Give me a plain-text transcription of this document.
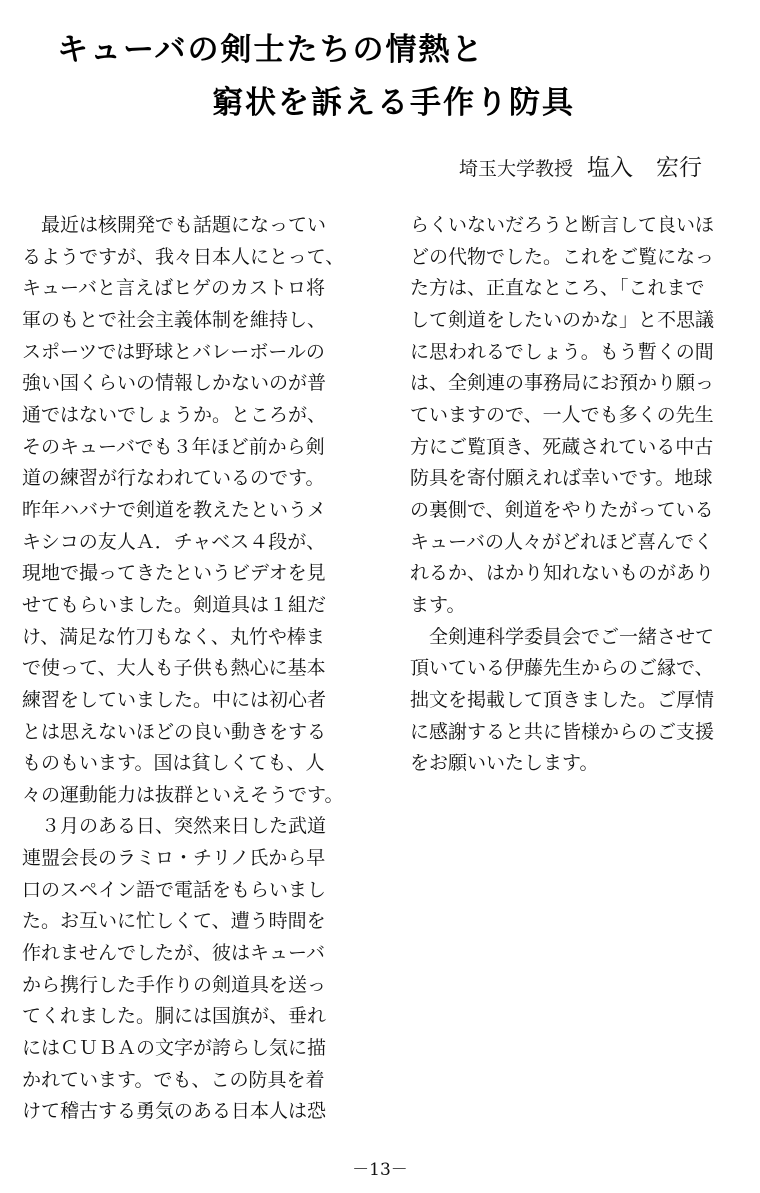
キューバの剣士たちの情熱と
窮状を訴える手作り防具
埼玉大学教授 塩入　宏行
　最近は核開発でも話題になってい
るようですが、我々日本人にとって、
キューバと言えばヒゲのカストロ将
軍のもとで社会主義体制を維持し、
スポーツでは野球とバレーボールの
強い国くらいの情報しかないのが普
通ではないでしょうか。ところが、
そのキューバでも３年ほど前から剣
道の練習が行なわれているのです。
昨年ハバナで剣道を教えたというメ
キシコの友人Ａ．チャベス４段が、
現地で撮ってきたというビデオを見
せてもらいました。剣道具は１組だ
け、満足な竹刀もなく、丸竹や棒ま
で使って、大人も子供も熱心に基本
練習をしていました。中には初心者
とは思えないほどの良い動きをする
ものもいます。国は貧しくても、人
々の運動能力は抜群といえそうです。
　３月のある日、突然来日した武道
連盟会長のラミロ・チリノ氏から早
口のスペイン語で電話をもらいまし
た。お互いに忙しくて、遭う時間を
作れませんでしたが、彼はキューバ
から携行した手作りの剣道具を送っ
てくれました。胴には国旗が、垂れ
にはＣＵＢＡの文字が誇らし気に描
かれています。でも、この防具を着
けて稽古する勇気のある日本人は恐
らくいないだろうと断言して良いほ
どの代物でした。これをご覧になっ
た方は、正直なところ、「これまで
して剣道をしたいのかな」と不思議
に思われるでしょう。もう暫くの間
は、全剣連の事務局にお預かり願っ
ていますので、一人でも多くの先生
方にご覧頂き、死蔵されている中古
防具を寄付願えれば幸いです。地球
の裏側で、剣道をやりたがっている
キューバの人々がどれほど喜んでく
れるか、はかり知れないものがあり
ます。
　全剣連科学委員会でご一緒させて
頂いている伊藤先生からのご縁で、
拙文を掲載して頂きました。ご厚情
に感謝すると共に皆様からのご支援
をお願いいたします。
－13－
